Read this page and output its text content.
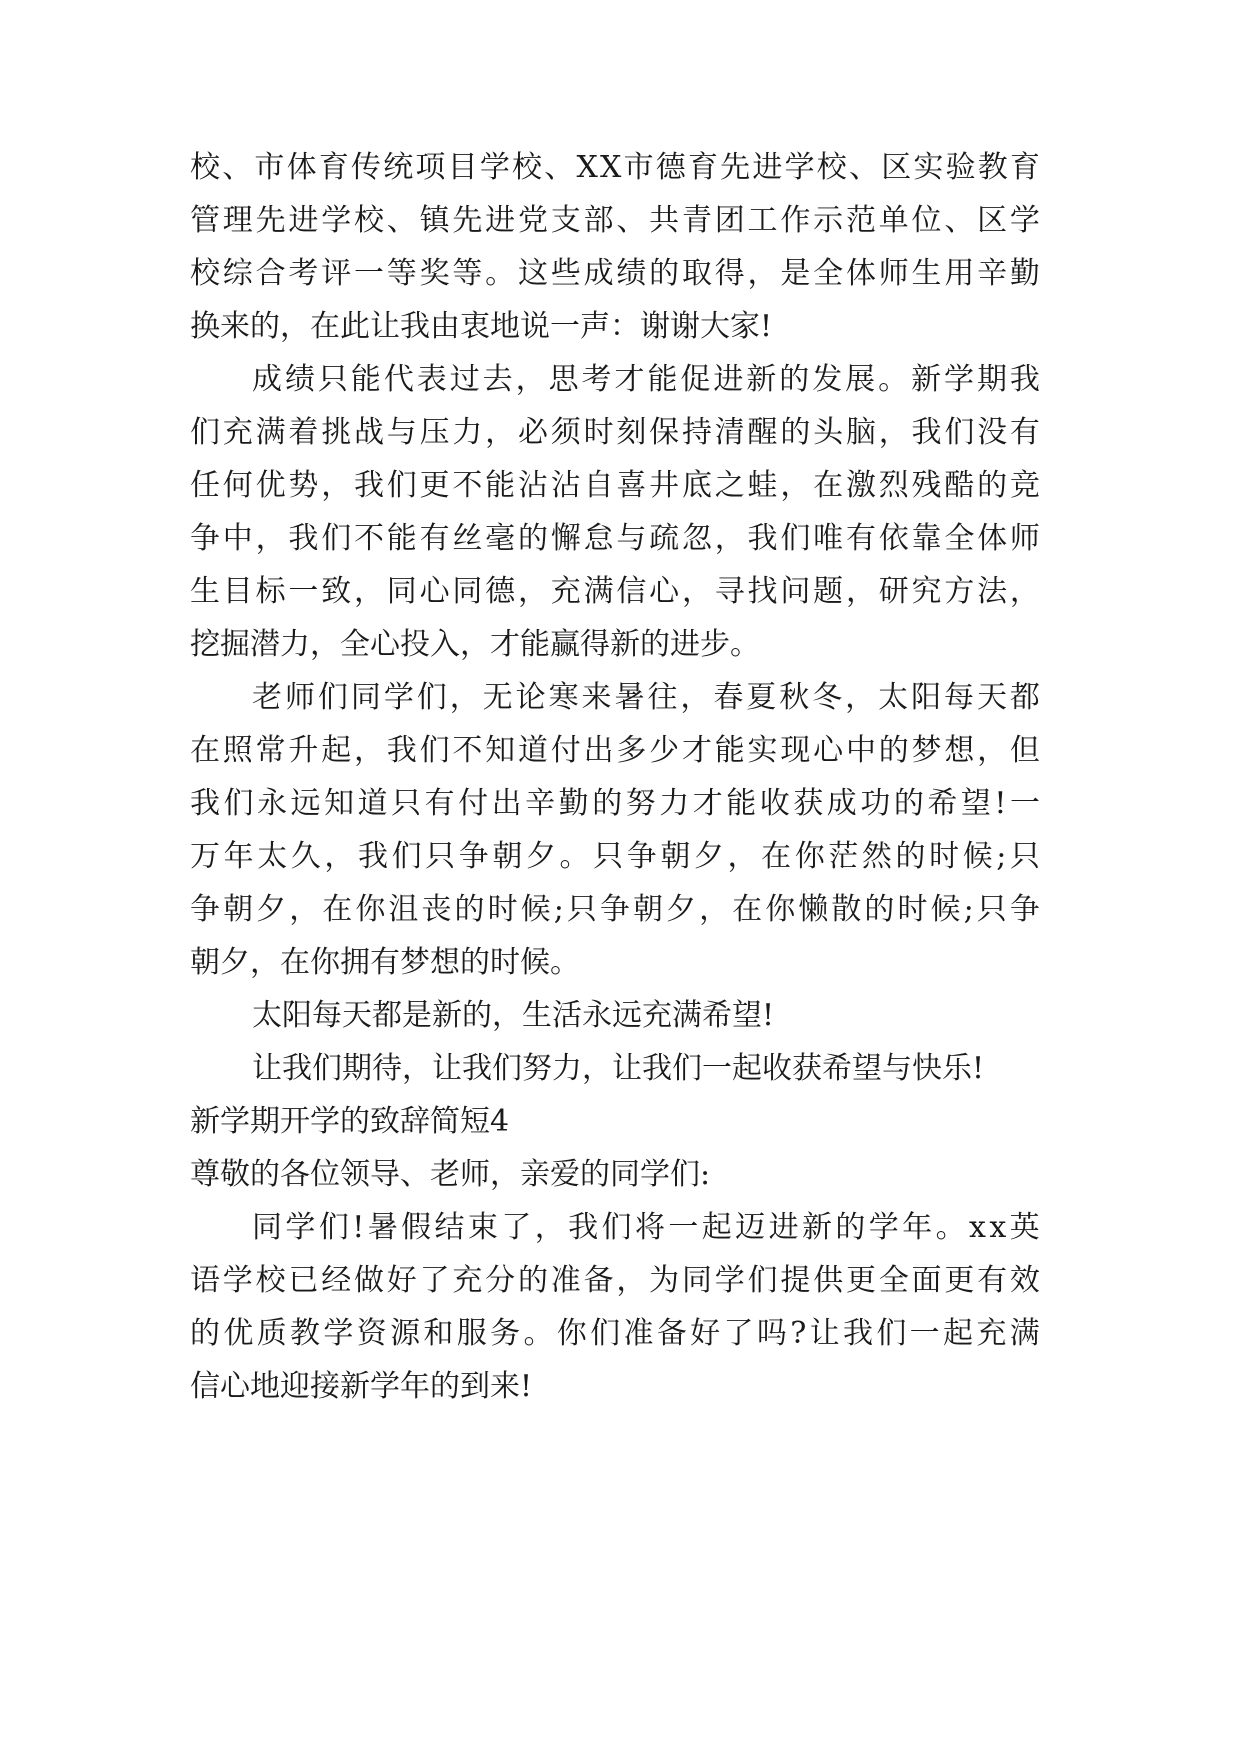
校 、 市 体 育 传 统 项 目 学 校 、 X X 市 德 育 先 进 学 校 、 区 实 验 教 育
管 理 先 进 学 校 、 镇 先 进 党 支 部 、 共 青 团 工 作 示 范 单 位 、 区 学
校 综 合 考 评 一 等 奖 等 。 这 些 成 绩 的 取 得 ， 是 全 体 师 生 用 辛 勤
换来的，在此让我由衷地说一声：谢谢大家!
成 绩 只 能 代 表 过 去 ， 思 考 才 能 促 进 新 的 发 展 。 新 学 期 我
们 充 满 着 挑 战 与 压 力 ， 必 须 时 刻 保 持 清 醒 的 头 脑 ， 我 们 没 有
任 何 优 势 ， 我 们 更 不 能 沾 沾 自 喜 井 底 之 蛙 ， 在 激 烈 残 酷 的 竞
争 中 ， 我 们 不 能 有 丝 毫 的 懈 怠 与 疏 忽 ， 我 们 唯 有 依 靠 全 体 师
生 目 标 一 致 ， 同 心 同 德 ， 充 满 信 心 ， 寻 找 问 题 ， 研 究 方 法 ，
挖掘潜力，全心投入，才能赢得新的进步。
老 师 们 同 学 们 ， 无 论 寒 来 暑 往 ， 春 夏 秋 冬 ， 太 阳 每 天 都
在 照 常 升 起 ， 我 们 不 知 道 付 出 多 少 才 能 实 现 心 中 的 梦 想 ， 但
我 们 永 远 知 道 只 有 付 出 辛 勤 的 努 力 才 能 收 获 成 功 的 希 望 ! 一
万 年 太 久 ， 我 们 只 争 朝 夕 。 只 争 朝 夕 ， 在 你 茫 然 的 时 候 ; 只
争 朝 夕 ， 在 你 沮 丧 的 时 候 ; 只 争 朝 夕 ， 在 你 懒 散 的 时 候 ; 只 争
朝夕，在你拥有梦想的时候。
太阳每天都是新的，生活永远充满希望!
让我们期待，让我们努力，让我们一起收获希望与快乐!
新学期开学的致辞简短4
尊敬的各位领导、老师，亲爱的同学们:
同 学 们 ! 暑 假 结 束 了 ， 我 们 将 一 起 迈 进 新 的 学 年 。 x x 英
语 学 校 已 经 做 好 了 充 分 的 准 备 ， 为 同 学 们 提 供 更 全 面 更 有 效
的 优 质 教 学 资 源 和 服 务 。 你 们 准 备 好 了 吗 ? 让 我 们 一 起 充 满
信心地迎接新学年的到来!
